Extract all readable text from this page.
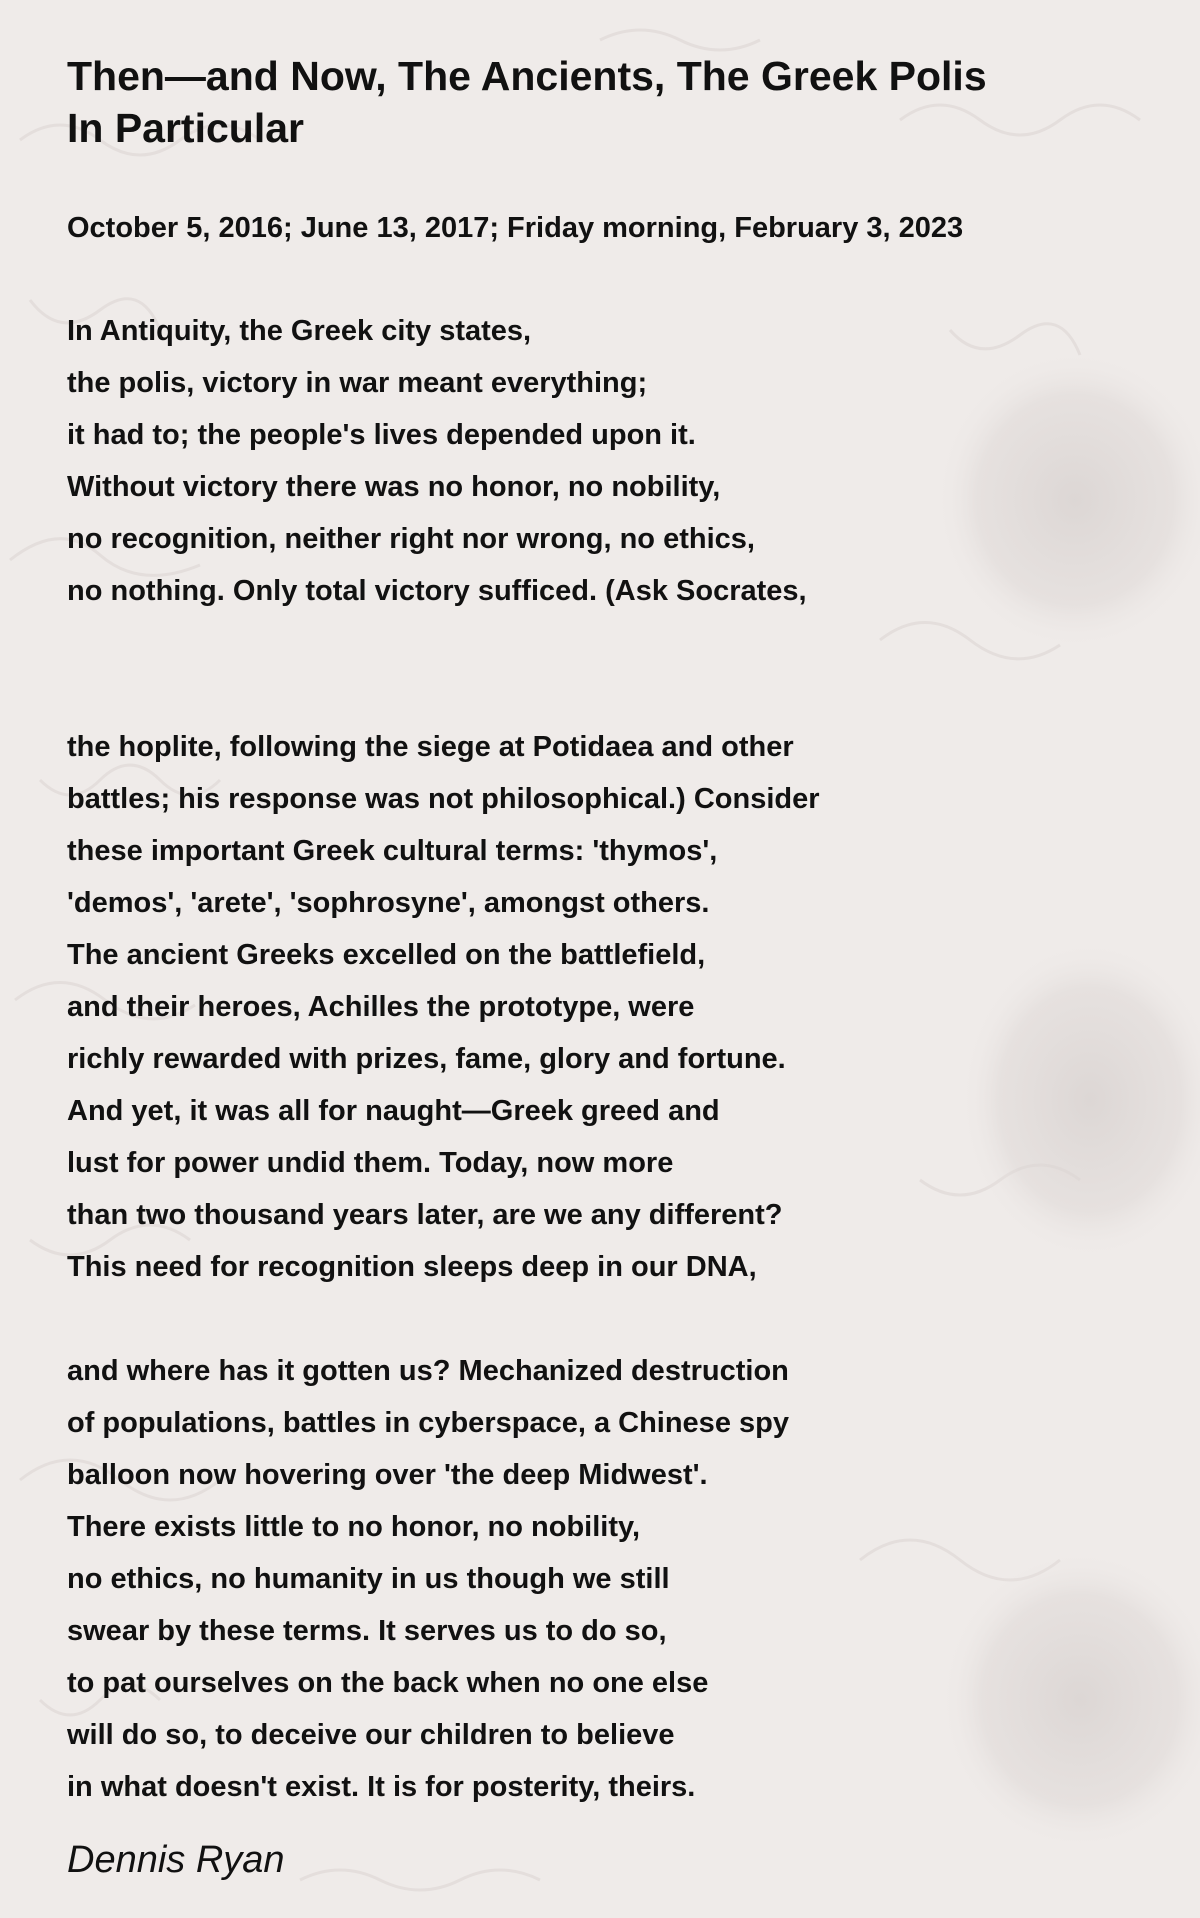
Then—and Now, The Ancients, The Greek Polis
In Particular

October 5, 2016; June 13, 2017; Friday morning, February 3, 2023

In Antiquity, the Greek city states,
the polis, victory in war meant everything;
it had to; the people's lives depended upon it.
Without victory there was no honor, no nobility,
no recognition, neither right nor wrong, no ethics,
no nothing. Only total victory sufficed. (Ask Socrates,
the hoplite, following the siege at Potidaea and other
battles; his response was not philosophical.) Consider
these important Greek cultural terms: 'thymos',
'demos', 'arete', 'sophrosyne', amongst others.
The ancient Greeks excelled on the battlefield,
and their heroes, Achilles the prototype, were
richly rewarded with prizes, fame, glory and fortune.
And yet, it was all for naught—Greek greed and
lust for power undid them. Today, now more
than two thousand years later, are we any different?
This need for recognition sleeps deep in our DNA,
and where has it gotten us? Mechanized destruction
of populations, battles in cyberspace, a Chinese spy
balloon now hovering over 'the deep Midwest'.
There exists little to no honor, no nobility,
no ethics, no humanity in us though we still
swear by these terms. It serves us to do so,
to pat ourselves on the back when no one else
will do so, to deceive our children to believe
in what doesn't exist. It is for posterity, theirs.
Dennis Ryan
